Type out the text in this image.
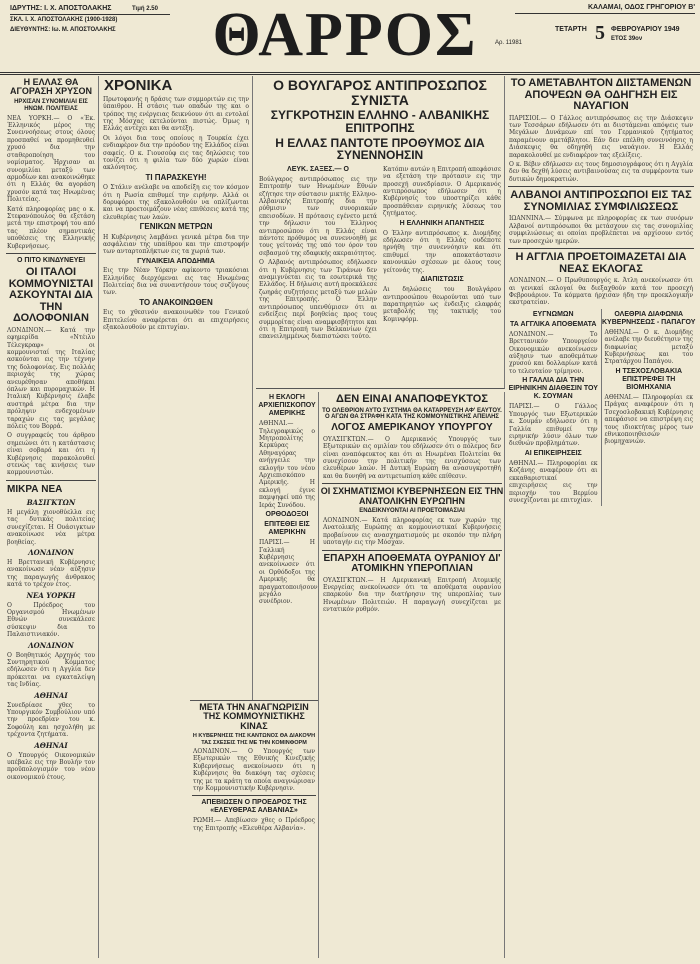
ΙΔΡΥΤΗΣ: Ι. Χ. ΑΠΟΣΤΟΛΑΚΗΣ	Τιμή 2.50
ΣΚΛ. Ι. Χ. ΑΠΟΣΤΟΛΑΚΗΣ (1900-1928)
ΔΙΕΥΘΥΝΤΗΣ: Ιω. Μ. ΑΠΟΣΤΟΛΑΚΗΣ	ΘΑΡΡΟΣ	ΚΑΛΑΜΑΙ, ΟΔΟΣ ΓΡΗΓΟΡΙΟΥ Β'
ΤΕΤΑΡΤΗ 5 ΦΕΒΡΟΥΑΡΙΟΥ 1949
ΕΤΟΣ 39ον
Αρ. 11981
Η ΕΛΛΑΣ ΘΑ ΑΓΟΡΑΣΗ ΧΡΥΣΟΝ
ΗΡΧΙΣΑΝ ΣΥΝΟΜΙΛΙΑΙ ΕΙΣ ΗΝΩΜ. ΠΟΛΙΤΕΙΑΣ
ΝΕΑ ΥΟΡΚΗ.— Ο «Έκ. Έλληνικός μέρος της Συνεννοήσεως στους όλους προσπαθεί να προμηθευθεί χρυσό δια την σταθεροποίηση του νομίσματος. Ήρχισαν αι συνομιλίαι μεταξύ των αρμοδίων και ανακοινώθηκε ότι η Ελλάς θα αγοράση χρυσόν κατά τας Ηνωμένας Πολιτείας.
Κατά πληροφορίας μας ο κ. Στεφανόπουλος θα εξετάση μετά την επιστροφή του από τας πλέον σημαντικάς υποθέσεις της Ελληνικής Κυβερνήσεως.
Ο ΠΙΤΟ ΚΙΝΔΥΝΕΥΕΙ
ΟΙ ΙΤΑΛΟΙ ΚΟΜΜΟΥΝΙΣΤΑΙ ΑΣΚΟΥΝΤΑΙ ΔΙΑ ΤΗΝ ΔΟΛΟΦΟΝΙΑΝ
ΛΟΝΔΙΝΟΝ.— Κατά την εφημερίδα «Ντέιλυ Τέλεγκραφ» οι κομμουνισταί της Ιταλίας ασκούνται εις την τέχνην της δολοφονίας. Εις πολλάς περιοχάς της χώρας ανευρέθησαν αποθήκαι όπλων και πυρομαχικών. Η Ιταλική Κυβέρνησις έλαβε αυστηρά μέτρα δια την πρόληψιν ενδεχομένων ταραχών εις τας μεγάλας πόλεις του Βορρά.
Ο συγγραφεύς του άρθρου σημειώνει ότι η κατάστασις είναι σοβαρά και ότι η Κυβέρνησις παρακολουθεί στενώς τας κινήσεις των κομμουνιστών.
ΜΙΚΡΑ ΝΕΑ
ΒΑΣΙΓΚΤΩΝ
Η μεγάλη χιονοθύελλα εις τας δυτικάς πολιτείας συνεχίζεται. Η Ουάσιγκτων ανακοίνωσε νέα μέτρα βοηθείας.
ΛΟΝΔΙΝΟΝ
Η Βρεττανική Κυβέρνησις ανακοίνωσε νέαν αύξησιν της παραγωγής άνθρακος κατά το τρέχον έτος.
ΝΕΑ ΥΟΡΚΗ
Ο Πρόεδρος του Οργανισμού Ηνωμένων Εθνών συνεκάλεσε σύσκεψιν δια το Παλαιστινιακόν.
ΛΟΝΔΙΝΟΝ
Ο Βοηθητικός Αρχηγός του Συντηρητικού Κόμματος εδήλωσεν ότι η Αγγλία δεν πρόκειται να εγκαταλείψη τας Ινδίας.
ΑΘΗΝΑΙ
Συνεδρίασε χθες το Υπουργικόν Συμβούλιον υπό την προεδρίαν του κ. Σοφούλη και ησχολήθη με τρέχοντα ζητήματα.
ΑΘΗΝΑΙ
Ο Υπουργός Οικονομικών υπέβαλε εις την Βουλήν τον προϋπολογισμόν του νέου οικονομικού έτους.
ΧΡΟΝΙΚΑ
Πρωτοφανής η δράσις των συμμοριτών εις την ύπαιθρον. Η στάσις των οπαδών της και ο τρόπος της ενέργειας δεικνύουν ότι αι εντολαί της Μόσχας εκτελούνται πιστώς. Όμως η Ελλάς αντέχει και θα αντέξη.
Οι λόγοι δια τους οποίους η Τουρκία έχει ενδιαφέρον δια την πρόοδον της Ελλάδος είναι σαφείς. Ο κ. Γιουσούφ εις τας δηλώσεις του τονίζει ότι η φιλία των δύο χωρών είναι ακλόνητος.
ΤΙ ΠΑΡΑΣΚΕΥΗ!
Ο Στάλιν ανέλαβε να αποδείξη εις τον κόσμον ότι η Ρωσία επιθυμεί την ειρήνην. Αλλά οι δορυφόροι της εξακολουθούν να οπλίζωνται και να προετοιμάζουν νέας επιθέσεις κατά της ελευθερίας των λαών.
ΓΕΝΙΚΩΝ ΜΕΤΡΩΝ
Η Κυβέρνησις λαμβάνει γενικά μέτρα δια την ασφάλειαν της υπαίθρου και την επιστροφήν των ανταρτοπλήκτων εις τα χωριά των.
ΓΥΝΑΙΚΕΙΑ ΑΠΟΔΗΜΙΑ
Εις την Νέαν Υόρκην αφίκοντο τριακόσιαι Ελληνίδες διερχόμεναι εις τας Ηνωμένας Πολιτείας δια να συναντήσουν τους συζύγους των.
ΤΟ ΑΝΑΚΟΙΝΩΘΕΝ
Εις το χθεσινόν ανακοινωθέν του Γενικού Επιτελείου αναφέρεται ότι αι επιχειρήσεις εξακολουθούν με επιτυχίαν.
Ο ΒΟΥΛΓΑΡΟΣ ΑΝΤΙΠΡΟΣΩΠΟΣ ΣΥΝΙΣΤΑ
ΣΥΓΚΡΟΤΗΣΙΝ ΕΛΛΗΝΟ - ΑΛΒΑΝΙΚΗΣ ΕΠΙΤΡΟΠΗΣ
Η ΕΛΛΑΣ ΠΑΝΤΟΤΕ ΠΡΟΘΥΜΟΣ ΔΙΑ ΣΥΝΕΝΝΟΗΣΙΝ
ΛΕΥΚ. ΣΑΞΕΣ.— Ο
Βούλγαρος αντιπρόσωπος εις την Επιτροπήν των Ηνωμένων Εθνών εζήτησε την σύστασιν μικτής Ελληνο-Αλβανικής Επιτροπής δια την ρύθμισιν των συνοριακών επεισοδίων. Η πρότασις εγένετο μετά την δήλωσιν του Έλληνος αντιπροσώπου ότι η Ελλάς είναι πάντοτε πρόθυμος να συνεννοηθή με τους γείτονάς της υπό τον όρον του σεβασμού της εδαφικής ακεραιότητος.
Ο Αλβανός αντιπρόσωπος εδήλωσεν ότι η Κυβέρνησις των Τιράνων δεν αναμιγνύεται εις τα εσωτερικά της Ελλάδος. Η δήλωσις αυτή προεκάλεσε ζωηράς συζητήσεις μεταξύ των μελών της Επιτροπής. Ο Έλλην αντιπρόσωπος υπενθύμισεν ότι αι ενδείξεις περί βοηθείας προς τους συμμορίτας είναι αναμφισβήτητοι και ότι η Επιτροπή των Βαλκανίων έχει επανειλημμένως διαπιστώσει τούτο.
Κατόπιν αυτών η Επιτροπή απεφάσισε να εξετάση την πρότασιν εις την προσεχή συνεδρίασιν. Ο Αμερικανός αντιπρόσωπος εδήλωσεν ότι η Κυβέρνησίς του υποστηρίζει κάθε προσπάθειαν ειρηνικής λύσεως του ζητήματος.
Η ΕΛΛΗΝΙΚΗ ΑΠΑΝΤΗΣΙΣ
Ο Έλλην αντιπρόσωπος κ. Διομήδης εδήλωσεν ότι η Ελλάς ουδέποτε ηρνήθη την συνεννόησιν και ότι επιθυμεί την αποκατάστασιν κανονικών σχέσεων με όλους τους γείτονάς της.
ΔΙΑΠΙΣΤΩΣΙΣ
Αι δηλώσεις του Βουλγάρου αντιπροσώπου θεωρούνται υπό των παρατηρητών ως ένδειξις ελαφράς μεταβολής της τακτικής του Κομινφόρμ.
Η ΕΚΛΟΓΗ ΑΡΧΙΕΠΙΣΚΟΠΟΥ ΑΜΕΡΙΚΗΣ
ΑΘΗΝΑΙ.— Τηλεγραφικώς ο Μητροπολίτης Κερκύρας Αθηναγόρας ανήγγειλε την εκλογήν του νέου Αρχιεπισκόπου Αμερικής. Η εκλογή έγινε παμψηφεί υπό της Ιεράς Συνόδου.
ΟΡΘΟΔΟΞΟΙ
ΕΠΙΤΕΘΕΙ ΕΙΣ ΑΜΕΡΙΚΗΝ
ΠΑΡΙΣΙ.— Η Γαλλική Κυβέρνησις ανεκοίνωσεν ότι οι Ορθόδοξοι της Αμερικής θα πραγματοποιήσουν μεγάλο συνέδριον.
ΔΕΝ ΕΙΝΑΙ ΑΝΑΠΟΦΕΥΚΤΟΣ
ΤΟ ΟΛΕΘΡΙΟΝ ΑΥΤΟ ΣΥΣΤΗΜΑ ΘΑ ΚΑΤΑΡΡΕΥΣΗ ΑΦ' ΕΑΥΤΟΥ. Ο ΑΓΩΝ ΘΑ ΣΤΡΑΦΗ ΚΑΤΑ ΤΗΣ ΚΟΜΜΟΥΝΙΣΤΙΚΗΣ ΑΠΕΙΛΗΣ
ΛΟΓΟΣ ΑΜΕΡΙΚΑΝΟΥ ΥΠΟΥΡΓΟΥ
ΟΥΑΣΙΓΚΤΩΝ.— Ο Αμερικανός Υπουργός των Εξωτερικών εις ομιλίαν του εδήλωσεν ότι ο πόλεμος δεν είναι αναπόφευκτος και ότι αι Ηνωμέναι Πολιτείαι θα συνεχίσουν την πολιτικήν της ενισχύσεως των ελευθέρων λαών. Η Δυτική Ευρώπη θα ανασυγκροτηθή και θα δυνηθή να αντιμετωπίση κάθε επίθεσιν.
ΟΙ ΣΧΗΜΑΤΙΣΜΟΙ ΚΥΒΕΡΝΗΣΕΩΝ ΕΙΣ ΤΗΝ ΑΝΑΤΟΛΙΚΗΝ ΕΥΡΩΠΗΝ
ΕΝΔΕΙΚΝΥΟΝΤΑΙ ΑΙ ΠΡΟΕΤΟΙΜΑΣΙΑΙ
ΛΟΝΔΙΝΟΝ.— Κατά πληροφορίας εκ των χωρών της Ανατολικής Ευρώπης αι κομμουνιστικαί Κυβερνήσεις προβαίνουν εις ανασχηματισμούς με σκοπόν την πλήρη υποταγήν εις την Μόσχαν.
ΕΠΑΡΧΗ ΑΠΟΘΕΜΑΤΑ ΟΥΡΑΝΙΟΥ ΔΙ' ΑΤΟΜΙΚΗΝ ΥΠΕΡΟΠΛΙΑΝ
ΟΥΑΣΙΓΚΤΩΝ.— Η Αμερικανική Επιτροπή Ατομικής Ενεργείας ανεκοίνωσεν ότι τα αποθέματα ουρανίου επαρκούν δια την διατήρησιν της υπεροπλίας των Ηνωμένων Πολιτειών. Η παραγωγή συνεχίζεται με εντατικόν ρυθμόν.
ΜΕΤΑ ΤΗΝ ΑΝΑΓΝΩΡΙΣΙΝ ΤΗΣ ΚΟΜΜΟΥΝΙΣΤΙΚΗΣ ΚΙΝΑΣ
Η ΚΥΒΕΡΝΗΣΙΣ ΤΗΣ ΚΑΝΤΩΝΟΣ ΘΑ ΔΙΑΚΟΨΗ ΤΑΣ ΣΧΕΣΕΙΣ ΤΗΣ ΜΕ ΤΗΝ ΚΟΜΙΝΦΟΡΜ
ΛΟΝΔΙΝΟΝ.— Ο Υπουργός των Εξωτερικών της Εθνικής Κινεζικής Κυβερνήσεως ανεκοίνωσεν ότι η Κυβέρνησις θα διακόψη τας σχέσεις της με τα κράτη τα οποία αναγνώρισαν την Κομμουνιστικήν Κυβέρνησιν.
ΑΠΕΒΙΩΣΕΝ Ο ΠΡΟΕΔΡΟΣ ΤΗΣ «ΕΛΕΥΘΕΡΑΣ ΑΛΒΑΝΙΑΣ»
ΡΩΜΗ.— Απεβίωσεν χθες ο Πρόεδρος της Επιτροπής «Ελευθέρα Αλβανία».
ΤΟ ΑΜΕΤΑΒΛΗΤΟΝ ΔΙΙΣΤΑΜΕΝΩΝ ΑΠΟΨΕΩΝ ΘΑ ΟΔΗΓΗΣΗ ΕΙΣ ΝΑΥΑΓΙΟΝ
ΠΑΡΙΣΙΟΙ.— Ο Γάλλος αντιπρόσωπος εις την Διάσκεψιν των Τεσσάρων εδήλωσεν ότι αι διιστάμεναι απόψεις των Μεγάλων Δυνάμεων επί του Γερμανικού ζητήματος παραμένουν αμετάβλητοι. Εάν δεν επέλθη συνεννόησις η Διάσκεψις θα οδηγηθή εις ναυάγιον. Η Ελλάς παρακολουθεί με ενδιαφέρον τας εξελίξεις.
Ο κ. Βέβιν εδήλωσεν εις τους δημοσιογράφους ότι η Αγγλία δεν θα δεχθή λύσεις αντιβαινούσας εις τα συμφέροντα των δυτικών δημοκρατιών.
ΑΛΒΑΝΟΙ ΑΝΤΙΠΡΟΣΩΠΟΙ ΕΙΣ ΤΑΣ ΣΥΝΟΜΙΛΙΑΣ ΣΥΜΦΙΛΙΩΣΕΩΣ
ΙΩΑΝΝΙΝΑ.— Σύμφωνα με πληροφορίας εκ των συνόρων Αλβανοί αντιπρόσωποι θα μετάσχουν εις τας συνομιλίας συμφιλιώσεως αι οποίαι προβλέπεται να αρχίσουν εντός των προσεχών ημερών.
Η ΑΓΓΛΙΑ ΠΡΟΕΤΟΙΜΑΖΕΤΑΙ ΔΙΑ ΝΕΑΣ ΕΚΛΟΓΑΣ
ΛΟΝΔΙΝΟΝ.— Ο Πρωθυπουργός κ. Άτλη ανεκοίνωσεν ότι αι γενικαί εκλογαί θα διεξαχθούν κατά τον προσεχή Φεβρουάριον. Τα κόμματα ήρχισαν ήδη την προεκλογικήν εκστρατείαν.
ΕΥΓΝΩΜΩΝ
ΤΑ ΑΓΓΛΙΚΑ ΑΠΟΘΕΜΑΤΑ
ΛΟΝΔΙΝΟΝ.— Το Βρεττανικόν Υπουργείον Οικονομικών ανεκοίνωσεν αύξησιν των αποθεμάτων χρυσού και δολλαρίων κατά το τελευταίον τρίμηνον.
Η ΓΑΛΛΙΑ ΔΙΑ ΤΗΝ ΕΙΡΗΝΙΚΗΝ ΔΙΑΘΕΣΙΝ ΤΟΥ Κ. ΣΟΥΜΑΝ
ΠΑΡΙΣΙ.— Ο Γάλλος Υπουργός των Εξωτερικών κ. Σουμάν εδήλωσεν ότι η Γαλλία επιθυμεί την ειρηνικήν λύσιν όλων των διεθνών προβλημάτων.
ΑΙ ΕΠΙΚΕΙΡΗΣΕΙΣ
ΑΘΗΝΑΙ.— Πληροφορίαι εκ Κοζάνης αναφέρουν ότι αι εκκαθαριστικαί επιχειρήσεις εις την περιοχήν του Βερμίου συνεχίζονται με επιτυχίαν.
ΟΛΕΘΡΙΑ ΔΙΑΦΩΝΙΑ ΚΥΒΕΡΝΗΣΕΩΣ - ΠΑΠΑΓΟΥ
ΑΘΗΝΑΙ.— Ο κ. Διομήδης ανέλαβε την διευθέτησιν της διαφωνίας μεταξύ Κυβερνήσεως και του Στρατάρχου Παπάγου.
Η ΤΣΕΧΟΣΛΟΒΑΚΙΑ ΕΠΙΣΤΡΕΦΕΙ ΤΗ ΒΙΟΜΗΧΑΝΙΑ
ΑΘΗΝΑΙ.— Πληροφορίαι εκ Πράγας αναφέρουν ότι η Τσεχοσλοβακική Κυβέρνησις απεφάσισε να επιστρέψη εις τους ιδιοκτήτας μέρος των εθνικοποιηθεισών βιομηχανιών.
